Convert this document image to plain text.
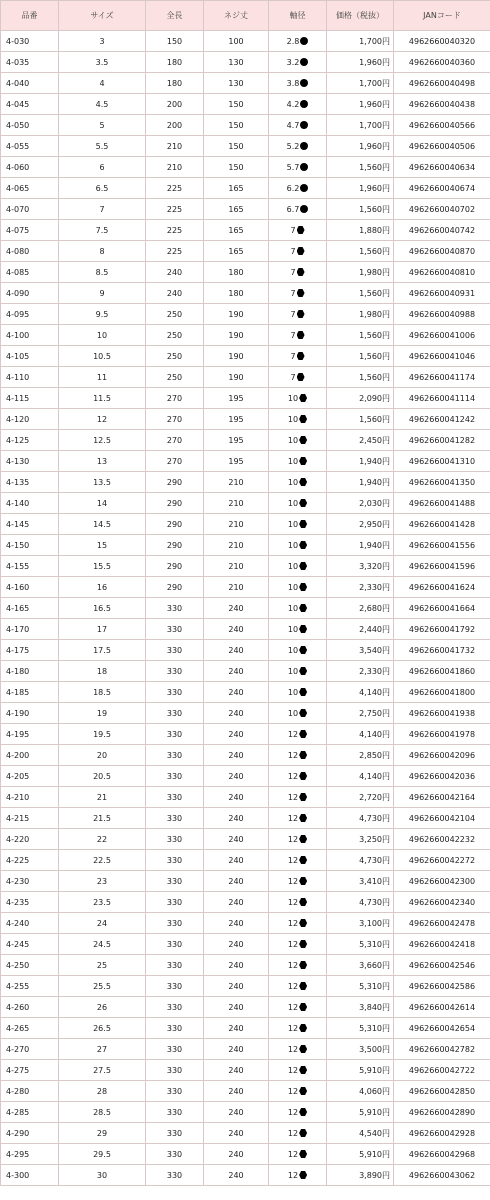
品番	サイズ	全長	ネジ丈	軸径	価格（税抜）	JANコード
4-030	3	150	100	2.8	1,700円	4962660040320
4-035	3.5	180	130	3.2	1,960円	4962660040360
4-040	4	180	130	3.8	1,700円	4962660040498
4-045	4.5	200	150	4.2	1,960円	4962660040438
4-050	5	200	150	4.7	1,700円	4962660040566
4-055	5.5	210	150	5.2	1,960円	4962660040506
4-060	6	210	150	5.7	1,560円	4962660040634
4-065	6.5	225	165	6.2	1,960円	4962660040674
4-070	7	225	165	6.7	1,560円	4962660040702
4-075	7.5	225	165	7	1,880円	4962660040742
4-080	8	225	165	7	1,560円	4962660040870
4-085	8.5	240	180	7	1,980円	4962660040810
4-090	9	240	180	7	1,560円	4962660040931
4-095	9.5	250	190	7	1,980円	4962660040988
4-100	10	250	190	7	1,560円	4962660041006
4-105	10.5	250	190	7	1,560円	4962660041046
4-110	11	250	190	7	1,560円	4962660041174
4-115	11.5	270	195	10	2,090円	4962660041114
4-120	12	270	195	10	1,560円	4962660041242
4-125	12.5	270	195	10	2,450円	4962660041282
4-130	13	270	195	10	1,940円	4962660041310
4-135	13.5	290	210	10	1,940円	4962660041350
4-140	14	290	210	10	2,030円	4962660041488
4-145	14.5	290	210	10	2,950円	4962660041428
4-150	15	290	210	10	1,940円	4962660041556
4-155	15.5	290	210	10	3,320円	4962660041596
4-160	16	290	210	10	2,330円	4962660041624
4-165	16.5	330	240	10	2,680円	4962660041664
4-170	17	330	240	10	2,440円	4962660041792
4-175	17.5	330	240	10	3,540円	4962660041732
4-180	18	330	240	10	2,330円	4962660041860
4-185	18.5	330	240	10	4,140円	4962660041800
4-190	19	330	240	10	2,750円	4962660041938
4-195	19.5	330	240	12	4,140円	4962660041978
4-200	20	330	240	12	2,850円	4962660042096
4-205	20.5	330	240	12	4,140円	4962660042036
4-210	21	330	240	12	2,720円	4962660042164
4-215	21.5	330	240	12	4,730円	4962660042104
4-220	22	330	240	12	3,250円	4962660042232
4-225	22.5	330	240	12	4,730円	4962660042272
4-230	23	330	240	12	3,410円	4962660042300
4-235	23.5	330	240	12	4,730円	4962660042340
4-240	24	330	240	12	3,100円	4962660042478
4-245	24.5	330	240	12	5,310円	4962660042418
4-250	25	330	240	12	3,660円	4962660042546
4-255	25.5	330	240	12	5,310円	4962660042586
4-260	26	330	240	12	3,840円	4962660042614
4-265	26.5	330	240	12	5,310円	4962660042654
4-270	27	330	240	12	3,500円	4962660042782
4-275	27.5	330	240	12	5,910円	4962660042722
4-280	28	330	240	12	4,060円	4962660042850
4-285	28.5	330	240	12	5,910円	4962660042890
4-290	29	330	240	12	4,540円	4962660042928
4-295	29.5	330	240	12	5,910円	4962660042968
4-300	30	330	240	12	3,890円	4962660043062
